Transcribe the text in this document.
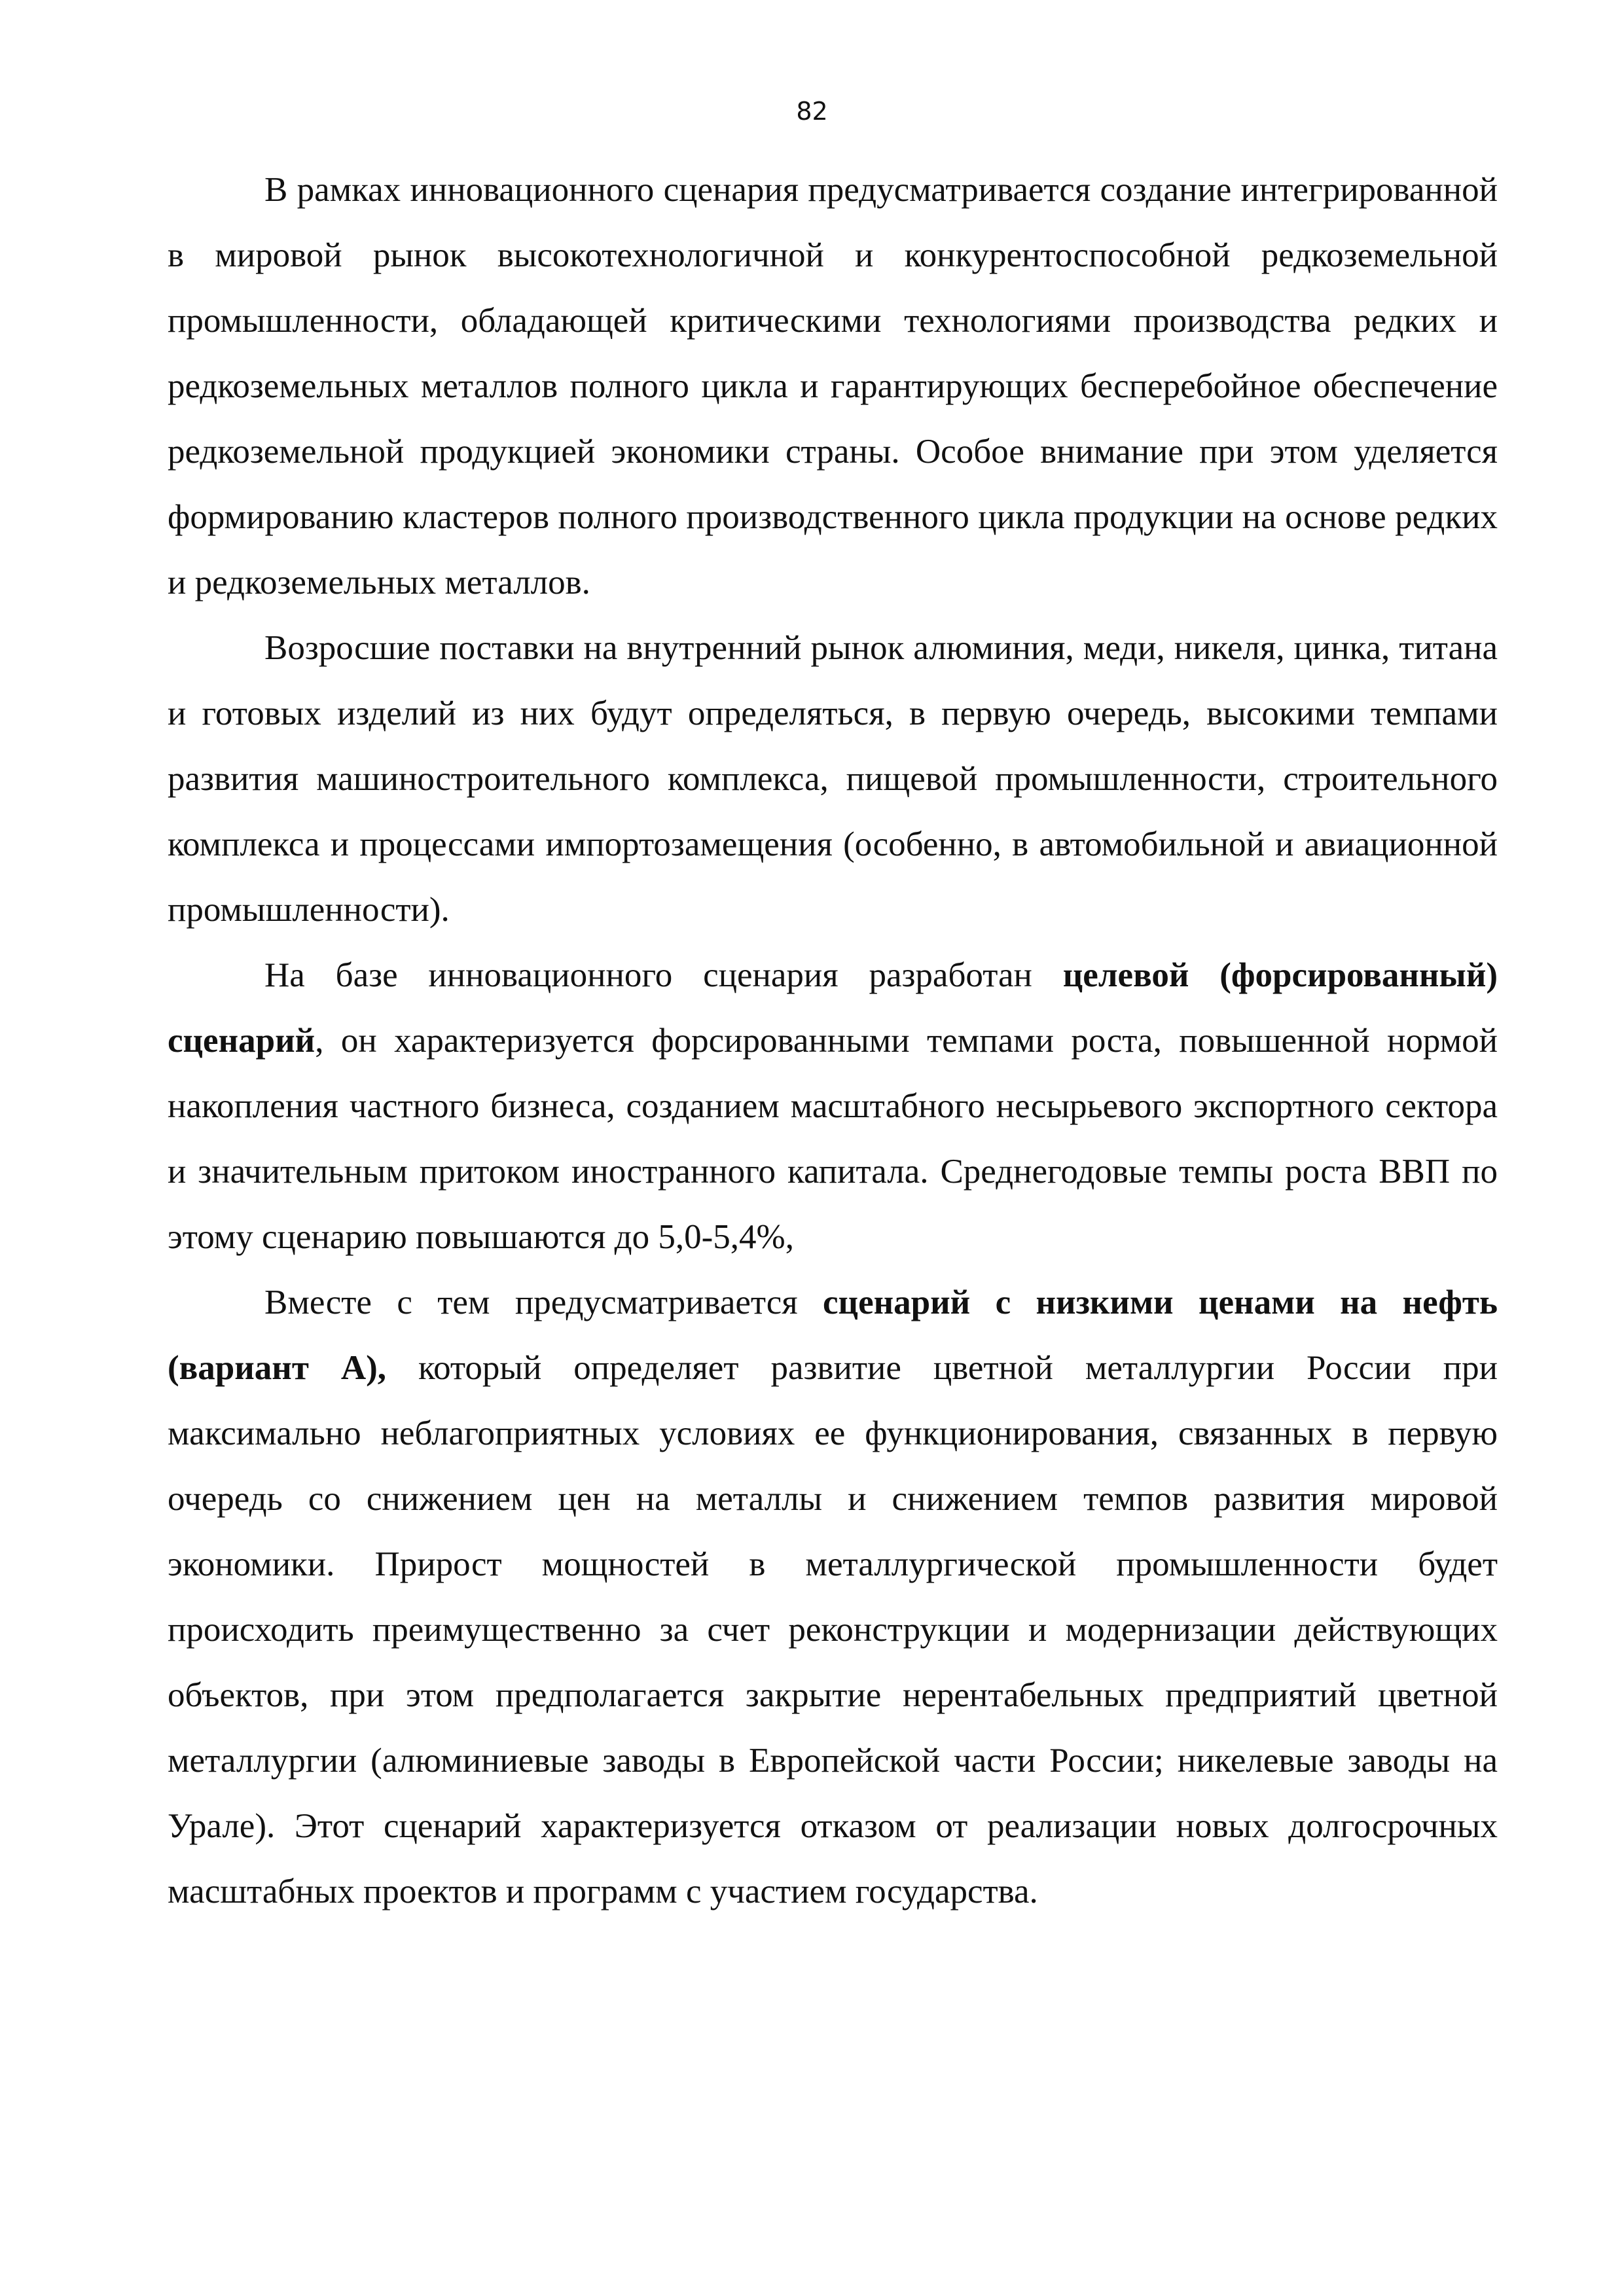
82

В рамках инновационного сценария предусматривается создание интегрированной в мировой рынок высокотехнологичной и конкурентоспособной редкоземельной промышленности, обладающей критическими технологиями производства редких и редкоземельных металлов полного цикла и гарантирующих бесперебойное обеспечение редкоземельной продукцией экономики страны. Особое внимание при этом уделяется формированию кластеров полного производственного цикла продукции на основе редких и редкоземельных металлов.

Возросшие поставки на внутренний рынок алюминия, меди, никеля, цинка, титана и готовых изделий из них будут определяться, в первую очередь, высокими темпами развития машиностроительного комплекса, пищевой промышленности, строительного комплекса и процессами импортозамещения (особенно, в автомобильной и авиационной промышленности).

На базе инновационного сценария разработан целевой (форсированный) сценарий, он характеризуется форсированными темпами роста, повышенной нормой накопления частного бизнеса, созданием масштабного несырьевого экспортного сектора и значительным притоком иностранного капитала. Среднегодовые темпы роста ВВП по этому сценарию повышаются до 5,0-5,4%,

Вместе с тем предусматривается сценарий с низкими ценами на нефть (вариант А), который определяет развитие цветной металлургии России при максимально неблагоприятных условиях ее функционирования, связанных в первую очередь со снижением цен на металлы и снижением темпов развития мировой экономики. Прирост мощностей в металлургической промышленности будет происходить преимущественно за счет реконструкции и модернизации действующих объектов, при этом предполагается закрытие нерентабельных предприятий цветной металлургии (алюминиевые заводы в Европейской части России; никелевые заводы на Урале). Этот сценарий характеризуется отказом от реализации новых долгосрочных масштабных проектов и программ с участием государства.
